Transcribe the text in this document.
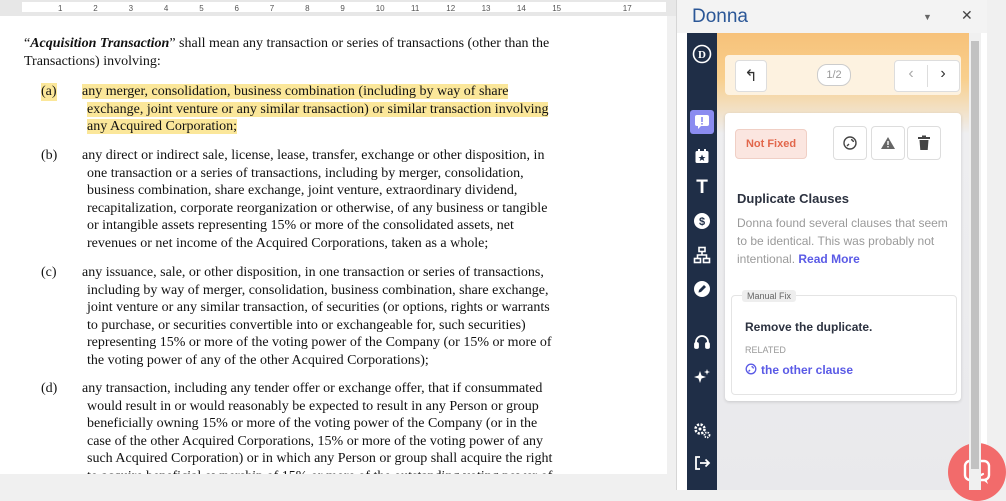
1	2	3	4	5	6	7	8	9	10	11	12	13	14	15	17
“Acquisition Transaction” shall mean any transaction or series of transactions (other than the
Transactions) involving:
(a) any merger, consolidation, business combination (including by way of share
exchange, joint venture or any similar transaction) or similar transaction involving
any Acquired Corporation;
(b) any direct or indirect sale, license, lease, transfer, exchange or other disposition, in
one transaction or a series of transactions, including by merger, consolidation,
business combination, share exchange, joint venture, extraordinary dividend,
recapitalization, corporate reorganization or otherwise, of any business or tangible
or intangible assets representing 15% or more of the consolidated assets, net
revenues or net income of the Acquired Corporations, taken as a whole;
(c) any issuance, sale, or other disposition, in one transaction or series of transactions,
including by way of merger, consolidation, business combination, share exchange,
joint venture or any similar transaction, of securities (or options, rights or warrants
to purchase, or securities convertible into or exchangeable for, such securities)
representing 15% or more of the voting power of the Company (or 15% or more of
the voting power of any of the other Acquired Corporations);
(d) any transaction, including any tender offer or exchange offer, that if consummated
would result in or would reasonably be expected to result in any Person or group
beneficially owning 15% or more of the voting power of the Company (or in the
case of the other Acquired Corporations, 15% or more of the voting power of any
such Acquired Corporation) or in which any Person or group shall acquire the right
Donna	▼ ✕
D
T
$
↰	1/2	‹	›
Not Fixed
Duplicate Clauses
Donna found several clauses that seem to be identical. This was probably not intentional. Read More
Manual Fix
Remove the duplicate.
RELATED
the other clause
